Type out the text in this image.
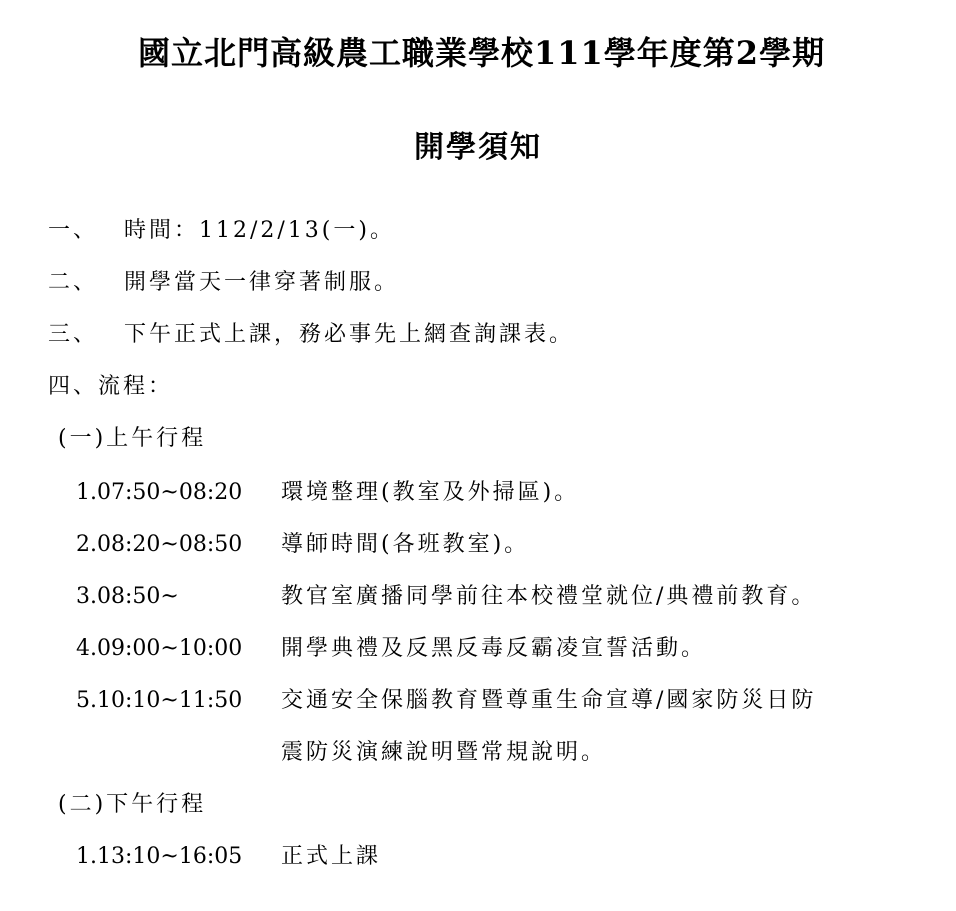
國立北門高級農工職業學校111學年度第2學期
開學須知
一、 時間：112/2/13(一)。
二、 開學當天一律穿著制服。
三、 下午正式上課，務必事先上網查詢課表。
四、流程：
(一)上午行程
1.07:50~08:20 環境整理(教室及外掃區)。
2.08:20~08:50 導師時間(各班教室)。
3.08:50~	教官室廣播同學前往本校禮堂就位/典禮前教育。
4.09:00~10:00 開學典禮及反黑反毒反霸凌宣誓活動。
5.10:10~11:50 交通安全保腦教育暨尊重生命宣導/國家防災日防
震防災演練說明暨常規說明。
(二)下午行程
1.13:10~16:05 正式上課
